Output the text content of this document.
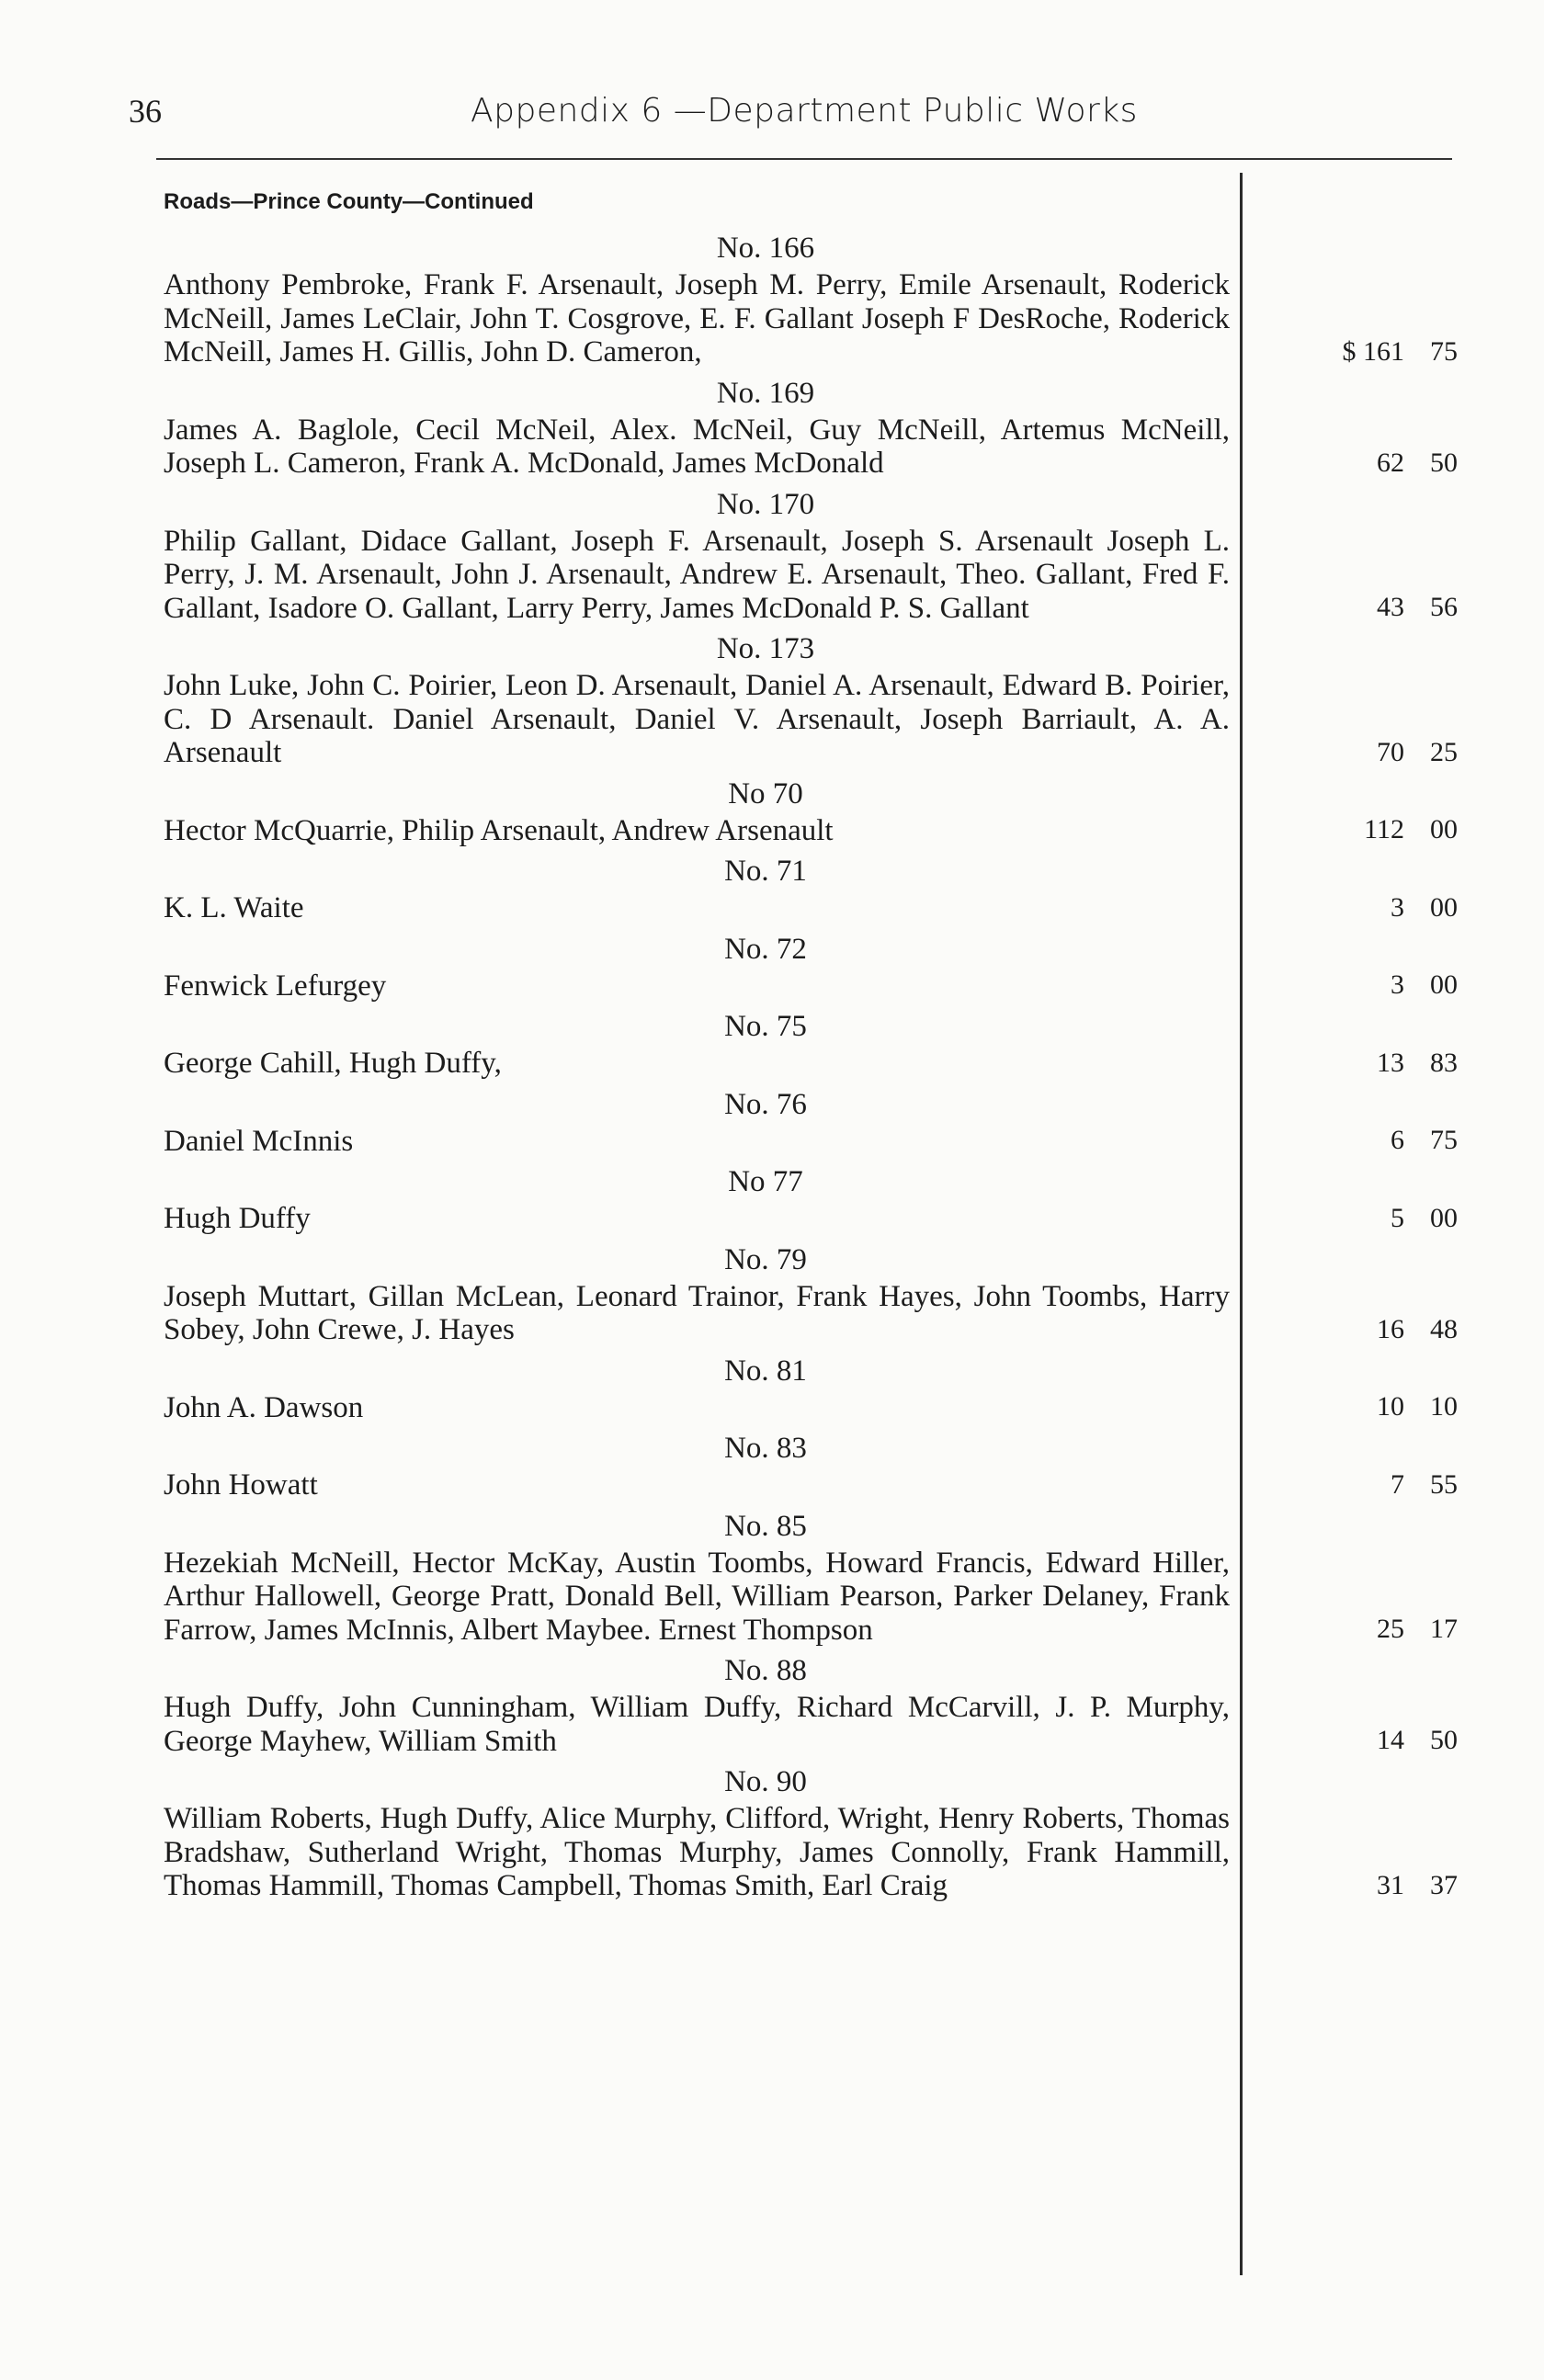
36	Appendix 6 —Department Public Works
Roads—Prince County—Continued
No. 166
Anthony Pembroke, Frank F. Arsenault, Joseph M. Perry, Emile Arsenault, Roderick McNeill, James LeClair, John T. Cosgrove, E. F. Gallant Joseph F DesRoche, Roderick McNeill, James H. Gillis, John D. Cameron,
No. 169
James A. Baglole, Cecil McNeil, Alex. McNeil, Guy McNeill, Artemus McNeill, Joseph L. Cameron, Frank A. McDonald, James McDonald
No. 170
Philip Gallant, Didace Gallant, Joseph F. Arsenault, Joseph S. Arsenault Joseph L. Perry, J. M. Arsenault, John J. Arsenault, Andrew E. Arsenault, Theo. Gallant, Fred F. Gallant, Isadore O. Gallant, Larry Perry, James McDonald P. S. Gallant
No. 173
John Luke, John C. Poirier, Leon D. Arsenault, Daniel A. Arsenault, Edward B. Poirier, C. D Arsenault. Daniel Arsenault, Daniel V. Arsenault, Joseph Barriault, A. A. Arsenault
No 70
Hector McQuarrie, Philip Arsenault, Andrew Arsenault
No. 71
K. L. Waite
No. 72
Fenwick Lefurgey
No. 75
George Cahill, Hugh Duffy,
No. 76
Daniel McInnis
No 77
Hugh Duffy
No. 79
Joseph Muttart, Gillan McLean, Leonard Trainor, Frank Hayes, John Toombs, Harry Sobey, John Crewe, J. Hayes
No. 81
John A. Dawson
No. 83
John Howatt
No. 85
Hezekiah McNeill, Hector McKay, Austin Toombs, Howard Francis, Edward Hiller, Arthur Hallowell, George Pratt, Donald Bell, William Pearson, Parker Delaney, Frank Farrow, James McInnis, Albert Maybee. Ernest Thompson
No. 88
Hugh Duffy, John Cunningham, William Duffy, Richard McCarvill, J. P. Murphy, George Mayhew, William Smith
No. 90
William Roberts, Hugh Duffy, Alice Murphy, Clifford, Wright, Henry Roberts, Thomas Bradshaw, Sutherland Wright, Thomas Murphy, James Connolly, Frank Hammill, Thomas Hammill, Thomas Campbell, Thomas Smith, Earl Craig
$ 161 75
62 50
43 56
70 25
112 00
3 00
3 00
13 83
6 75
5 00
16 48
10 10
7 55
25 17
14 50
31 37
